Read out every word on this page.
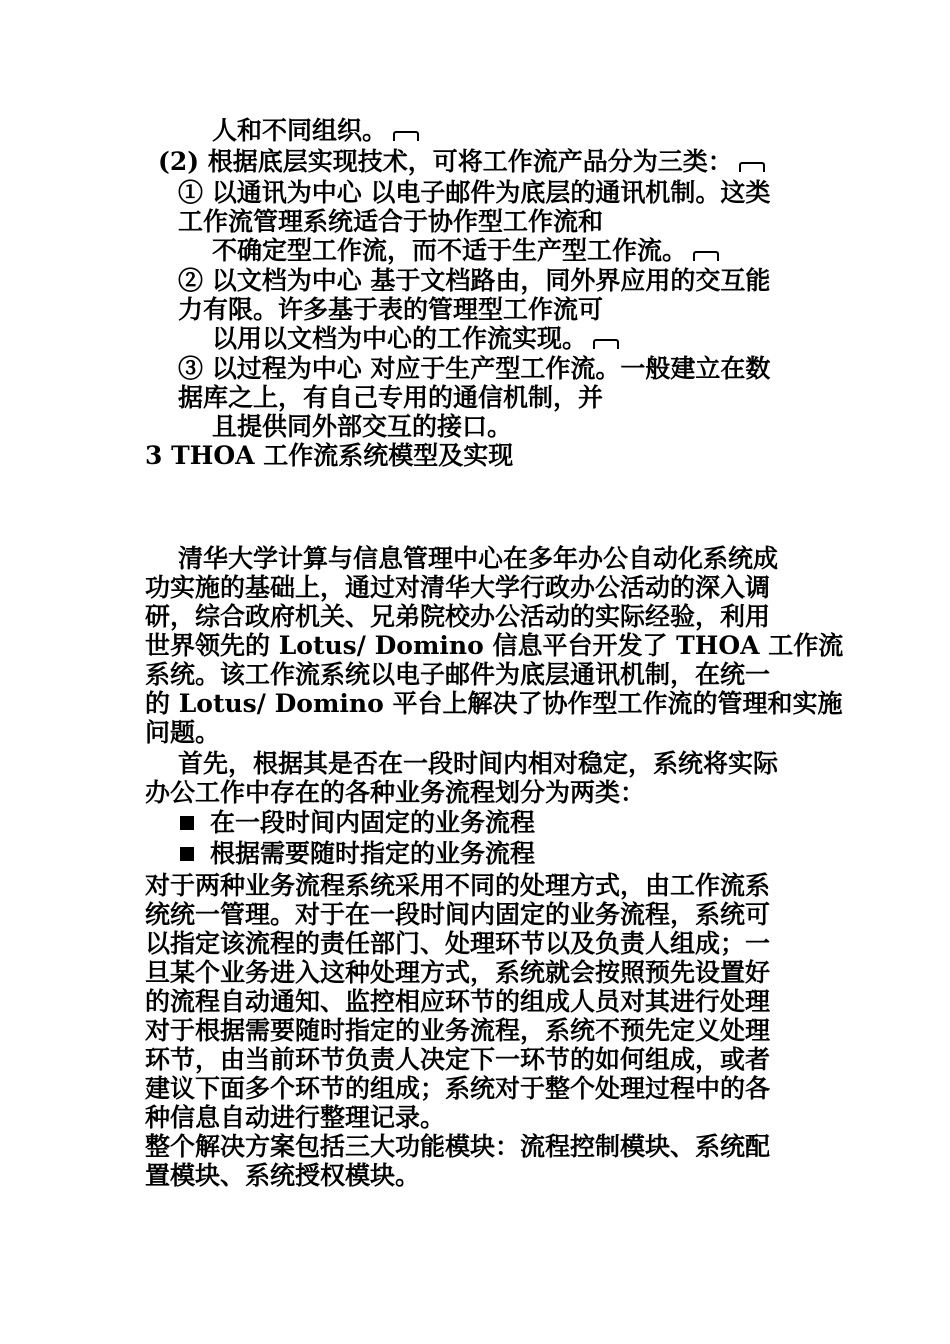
人和不同组织。
(2) 根据底层实现技术，可将工作流产品分为三类：
① 以通讯为中心 以电子邮件为底层的通讯机制。这类
工作流管理系统适合于协作型工作流和
不确定型工作流，而不适于生产型工作流。
② 以文档为中心 基于文档路由，同外界应用的交互能
力有限。许多基于表的管理型工作流可
以用以文档为中心的工作流实现。
③ 以过程为中心 对应于生产型工作流。一般建立在数
据库之上，有自己专用的通信机制，并
且提供同外部交互的接口。
3 THOA 工作流系统模型及实现
清华大学计算与信息管理中心在多年办公自动化系统成
功实施的基础上，通过对清华大学行政办公活动的深入调
研，综合政府机关、兄弟院校办公活动的实际经验，利用
世界领先的 Lotus/ Domino 信息平台开发了 THOA 工作流
系统。该工作流系统以电子邮件为底层通讯机制，在统一
的 Lotus/ Domino 平台上解决了协作型工作流的管理和实施
问题。
首先，根据其是否在一段时间内相对稳定，系统将实际
办公工作中存在的各种业务流程划分为两类：
在一段时间内固定的业务流程
根据需要随时指定的业务流程
对于两种业务流程系统采用不同的处理方式，由工作流系
统统一管理。对于在一段时间内固定的业务流程，系统可
以指定该流程的责任部门、处理环节以及负责人组成；一
旦某个业务进入这种处理方式，系统就会按照预先设置好
的流程自动通知、监控相应环节的组成人员对其进行处理
对于根据需要随时指定的业务流程，系统不预先定义处理
环节，由当前环节负责人决定下一环节的如何组成，或者
建议下面多个环节的组成；系统对于整个处理过程中的各
种信息自动进行整理记录。
整个解决方案包括三大功能模块：流程控制模块、系统配
置模块、系统授权模块。
